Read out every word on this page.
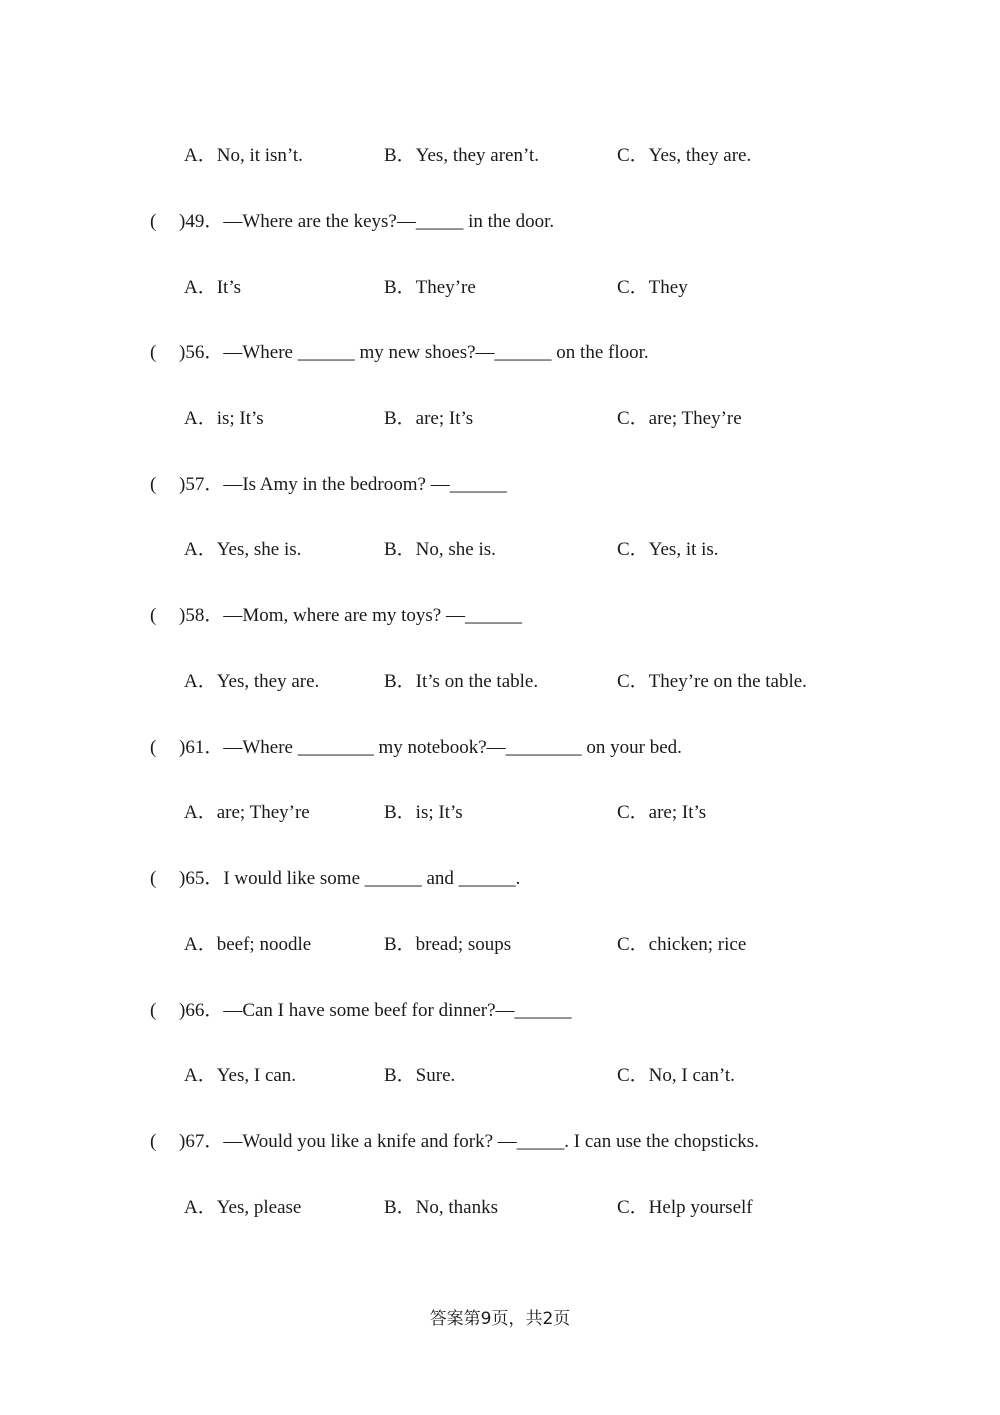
A．No, it isn’t.	B．Yes, they aren’t.	C．Yes, they are.
( )49．—Where are the keys?—_____ in the door.
A．It’s	B．They’re	C．They
( )56．—Where ______ my new shoes?—______ on the floor.
A．is; It’s	B．are; It’s	C．are; They’re
( )57．—Is Amy in the bedroom? —______
A．Yes, she is.	B．No, she is.	C．Yes, it is.
( )58．—Mom, where are my toys? —______
A．Yes, they are.	B．It’s on the table.	C．They’re on the table.
( )61．—Where ________ my notebook?—________ on your bed.
A．are; They’re	B．is; It’s	C．are; It’s
( )65．I would like some ______ and ______.
A．beef; noodle	B．bread; soups	C．chicken; rice
( )66．—Can I have some beef for dinner?—______
A．Yes, I can.	B．Sure.	C．No, I can’t.
( )67．—Would you like a knife and fork? —_____. I can use the chopsticks.
A．Yes, please	B．No, thanks	C．Help yourself
答案第9页，共2页
